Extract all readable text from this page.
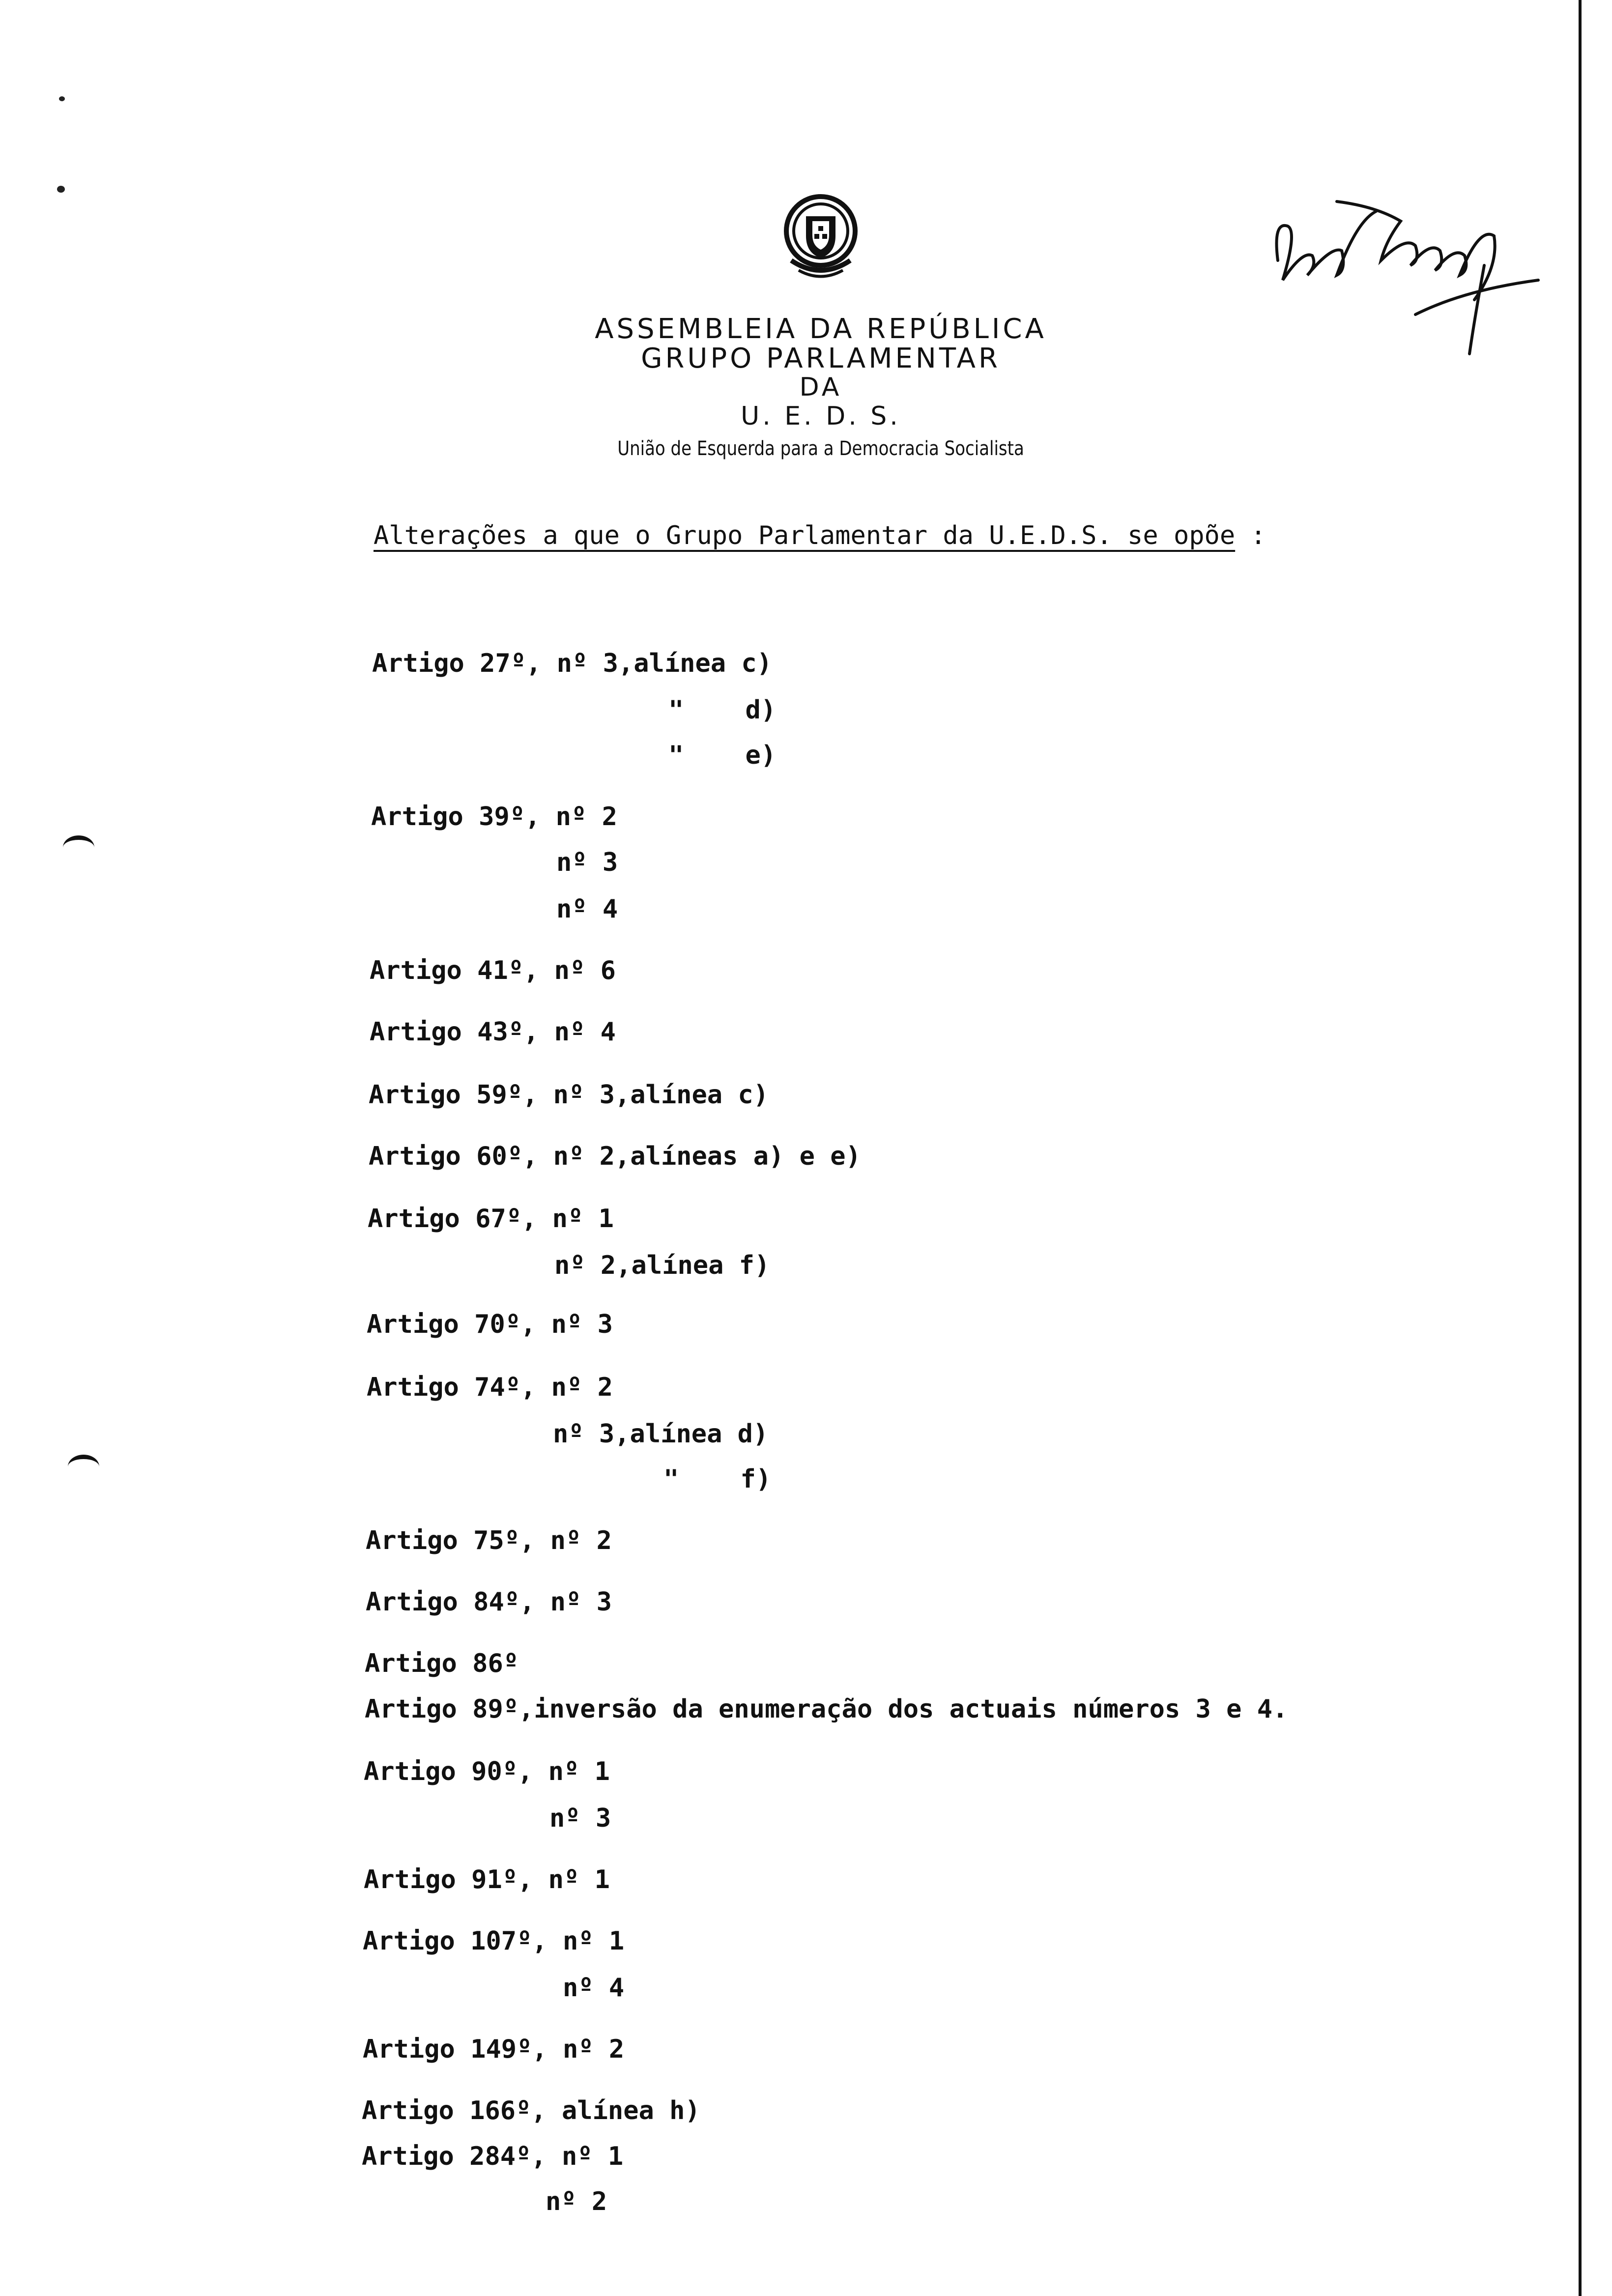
ASSEMBLEIA DA REPÚBLICA
GRUPO PARLAMENTAR
DA
U. E. D. S.
União de Esquerda para a Democracia Socialista
Alterações a que o Grupo Parlamentar da U.E.D.S. se opõe :
Artigo 27º, nº 3,alínea c)
"    d)
"    e)
Artigo 39º, nº 2
nº 3
nº 4
Artigo 41º, nº 6
Artigo 43º, nº 4
Artigo 59º, nº 3,alínea c)
Artigo 60º, nº 2,alíneas a) e e)
Artigo 67º, nº 1
nº 2,alínea f)
Artigo 70º, nº 3
Artigo 74º, nº 2
nº 3,alínea d)
"    f)
Artigo 75º, nº 2
Artigo 84º, nº 3
Artigo 86º
Artigo 89º,inversão da enumeração dos actuais números 3 e 4.
Artigo 90º, nº 1
nº 3
Artigo 91º, nº 1
Artigo 107º, nº 1
nº 4
Artigo 149º, nº 2
Artigo 166º, alínea h)
Artigo 284º, nº 1
nº 2
